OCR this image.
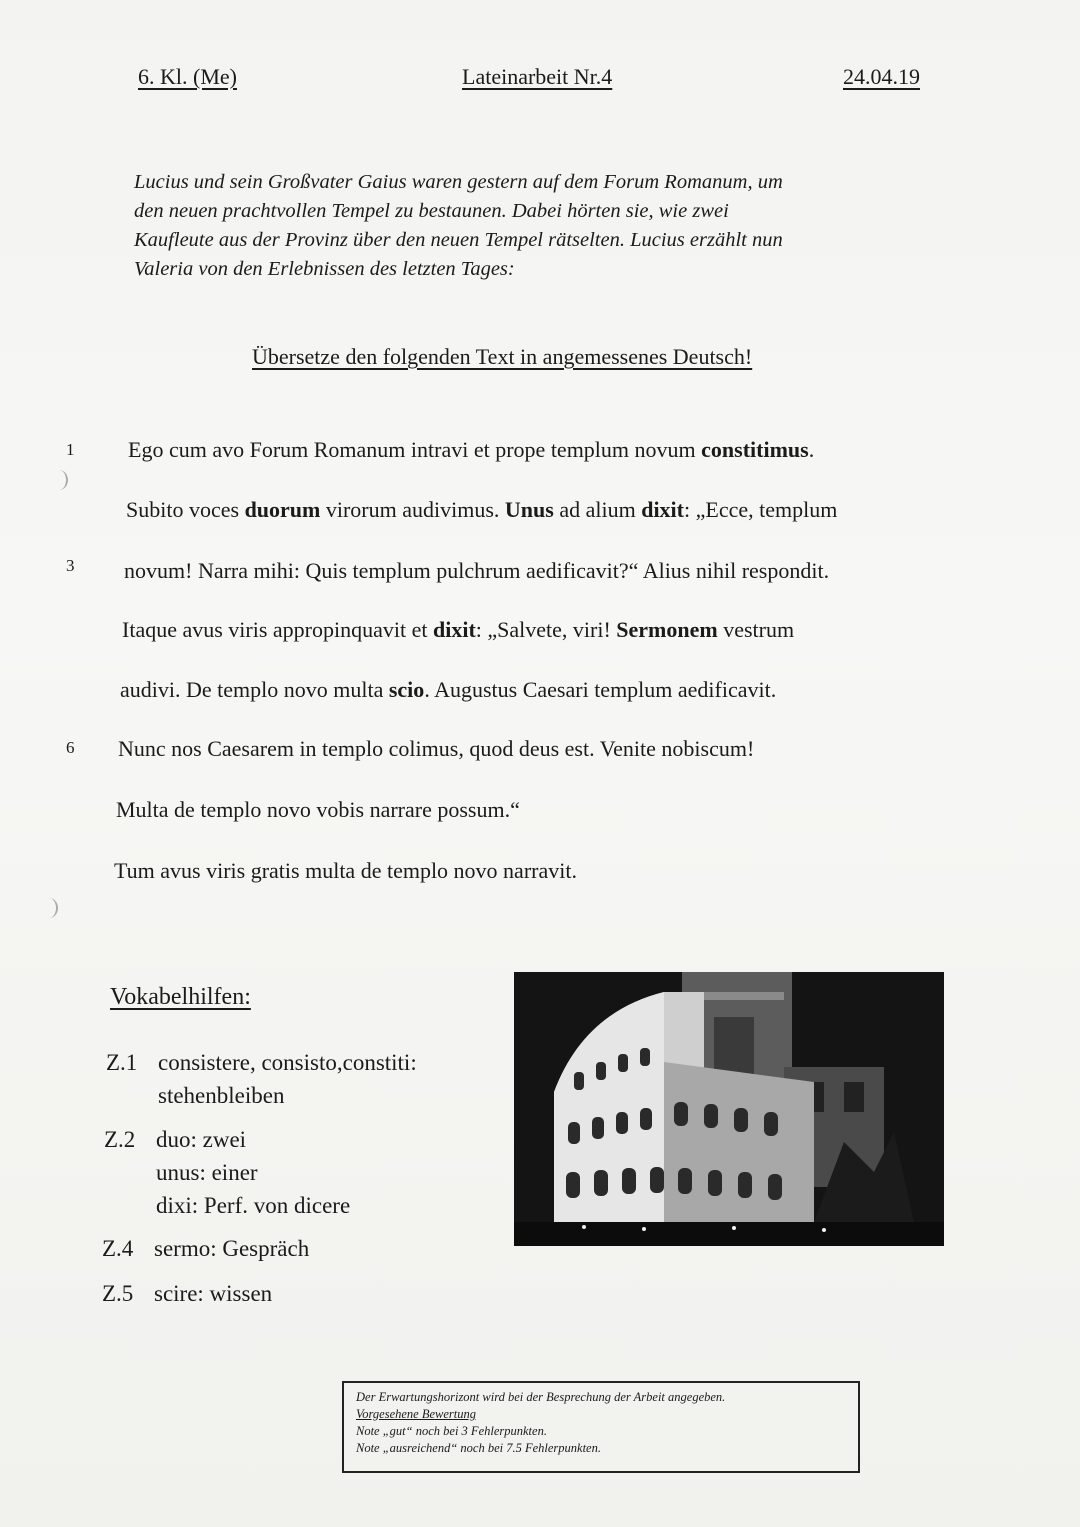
6. Kl. (Me)	Lateinarbeit Nr.4	24.04.19

Lucius und sein Großvater Gaius waren gestern auf dem Forum Romanum, um

den neuen prachtvollen Tempel zu bestaunen. Dabei hörten sie, wie zwei

Kaufleute aus der Provinz über den neuen Tempel rätselten. Lucius erzählt nun

Valeria von den Erlebnissen des letzten Tages:

Übersetze den folgenden Text in angemessenes Deutsch!
1
3
6
Ego cum avo Forum Romanum intravi et prope templum novum constitimus.
Subito voces duorum virorum audivimus. Unus ad alium dixit: „Ecce, templum
novum! Narra mihi: Quis templum pulchrum aedificavit?“ Alius nihil respondit.
Itaque avus viris appropinquavit et dixit: „Salvete, viri! Sermonem vestrum
audivi. De templo novo multa scio. Augustus Caesari templum aedificavit.
Nunc nos Caesarem in templo colimus, quod deus est. Venite nobiscum!
Multa de templo novo vobis narrare possum.“
Tum avus viris gratis multa de templo novo narravit.
Vokabelhilfen:
Z.1 consistere, consisto,constiti:
stehenbleiben
Z.2 duo: zwei
unus: einer
dixi: Perf. von dicere
Z.4 sermo: Gespräch
Z.5 scire: wissen
Der Erwartungshorizont wird bei der Besprechung der Arbeit angegeben.
Vorgesehene Bewertung
Note „gut“ noch bei 3 Fehlerpunkten.
Note „ausreichend“ noch bei 7.5 Fehlerpunkten.
